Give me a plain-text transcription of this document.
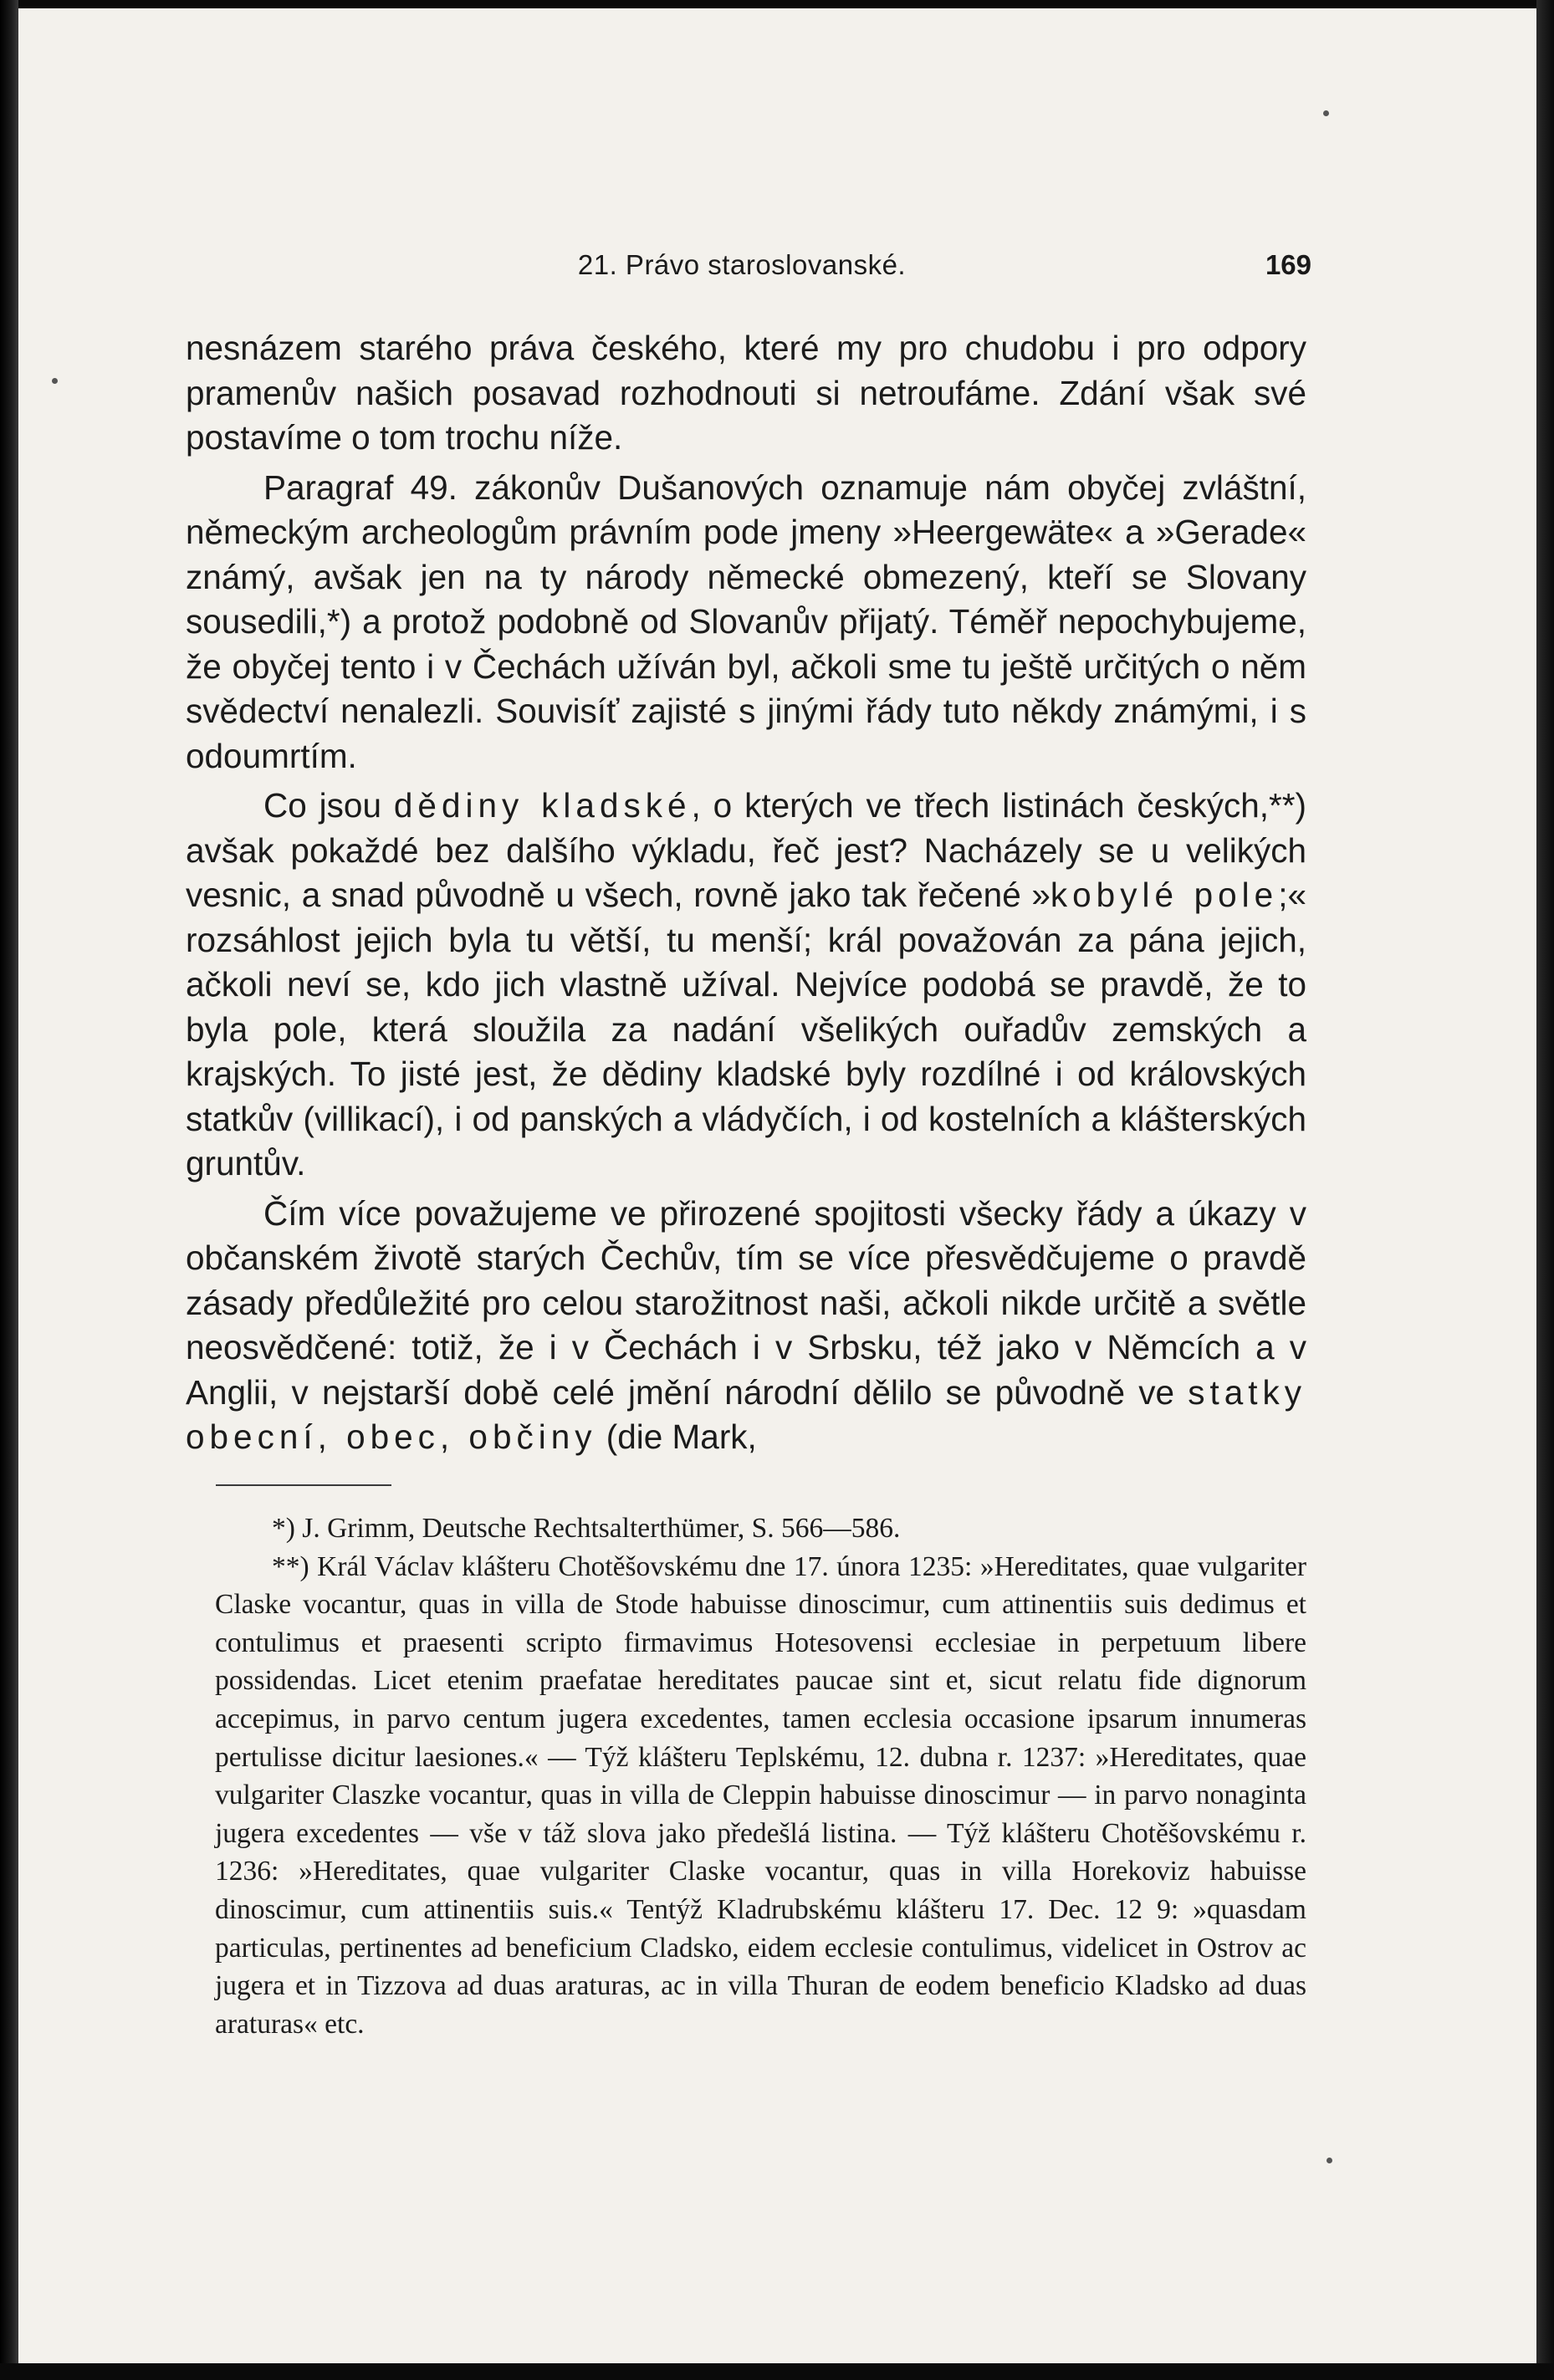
21. Právo staroslovanské.	169

nesnázem starého práva českého, které my pro chudobu i pro odpory pramenův našich posavad rozhodnouti si netroufáme. Zdání však své postavíme o tom trochu níže.

Paragraf 49. zákonův Dušanových oznamuje nám obyčej zvláštní, německým archeologům právním pode jmeny »Heergewäte« a »Gerade« známý, avšak jen na ty národy německé obmezený, kteří se Slovany sousedili,*) a protož podobně od Slovanův přijatý. Téměř nepochybujeme, že obyčej tento i v Čechách užíván byl, ačkoli sme tu ještě určitých o něm svědectví nenalezli. Souvisíť zajisté s jinými řády tuto někdy známými, i s odoumrtím.

Co jsou dědiny kladské, o kterých ve třech listinách českých,**) avšak pokaždé bez dalšího výkladu, řeč jest? Nacházely se u velikých vesnic, a snad původně u všech, rovně jako tak řečené »kobylé pole;« rozsáhlost jejich byla tu větší, tu menší; král považován za pána jejich, ačkoli neví se, kdo jich vlastně užíval. Nejvíce podobá se pravdě, že to byla pole, která sloužila za nadání všelikých ouřadův zemských a krajských. To jisté jest, že dědiny kladské byly rozdílné i od královských statkův (villikací), i od panských a vládyčích, i od kostelních a klášterských gruntův.

Čím více považujeme ve přirozené spojitosti všecky řády a úkazy v občanském životě starých Čechův, tím se více přesvědčujeme o pravdě zásady předůležité pro celou starožitnost naši, ačkoli nikde určitě a světle neosvědčené: totiž, že i v Čechách i v Srbsku, též jako v Němcích a v Anglii, v nejstarší době celé jmění národní dělilo se původně ve statky obecní, obec, občiny (die Mark,

*) J. Grimm, Deutsche Rechtsalterthümer, S. 566—586.

**) Král Václav klášteru Chotěšovskému dne 17. února 1235: »Hereditates, quae vulgariter Claske vocantur, quas in villa de Stode habuisse dinoscimur, cum attinentiis suis dedimus et contulimus et praesenti scripto firmavimus Hotesovensi ecclesiae in perpetuum libere possidendas. Licet etenim praefatae hereditates paucae sint et, sicut relatu fide dignorum accepimus, in parvo centum jugera excedentes, tamen ecclesia occasione ipsarum innumeras pertulisse dicitur laesiones.« — Týž klášteru Teplskému, 12. dubna r. 1237: »Hereditates, quae vulgariter Claszke vocantur, quas in villa de Cleppin habuisse dinoscimur — in parvo nonaginta jugera excedentes — vše v táž slova jako předešlá listina. — Týž klášteru Chotěšovskému r. 1236: »Hereditates, quae vulgariter Claske vocantur, quas in villa Horekoviz habuisse dinoscimur, cum attinentiis suis.« Tentýž Kladrubskému klášteru 17. Dec. 12 9: »quasdam particulas, pertinentes ad beneficium Cladsko, eidem ecclesie contulimus, videlicet in Ostrov ac jugera et in Tizzova ad duas araturas, ac in villa Thuran de eodem beneficio Kladsko ad duas araturas« etc.
